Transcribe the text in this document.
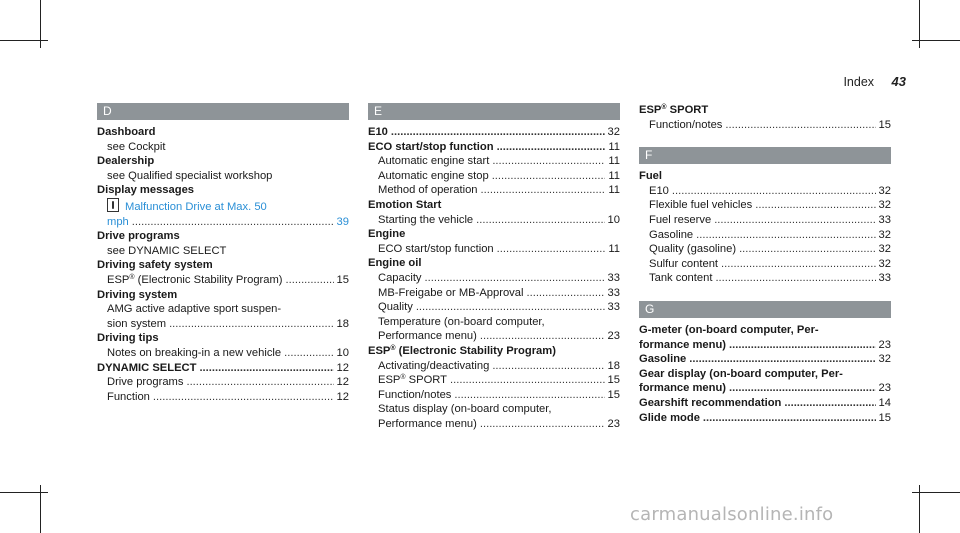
Index 43
D
Dashboard
see Cockpit
Dealership
see Qualified specialist workshop
Display messages
Malfunction Drive at Max. 50
mph .....	39
Drive programs
see DYNAMIC SELECT
Driving safety system
ESP® (Electronic Stability Program) .....	15
Driving system
AMG active adaptive sport suspen-
sion system .....	18
Driving tips
Notes on breaking-in a new vehicle .....	10
DYNAMIC SELECT .....	12
Drive programs .....	12
Function .....	12
E
E10 .....	32
ECO start/stop function .....	11
Automatic engine start .....	11
Automatic engine stop .....	11
Method of operation .....	11
Emotion Start
Starting the vehicle .....	10
Engine
ECO start/stop function .....	11
Engine oil
Capacity .....	33
MB-Freigabe or MB-Approval .....	33
Quality .....	33
Temperature (on-board computer,
Performance menu) .....	23
ESP® (Electronic Stability Program)
Activating/deactivating .....	18
ESP® SPORT .....	15
Function/notes .....	15
Status display (on-board computer,
Performance menu) .....	23
ESP® SPORT
Function/notes .....	15
F
Fuel
E10 .....	32
Flexible fuel vehicles .....	32
Fuel reserve .....	33
Gasoline .....	32
Quality (gasoline) .....	32
Sulfur content .....	32
Tank content .....	33
G
G-meter (on-board computer, Per-
formance menu) .....	23
Gasoline .....	32
Gear display (on-board computer, Per-
formance menu) .....	23
Gearshift recommendation .....	14
Glide mode .....	15
carmanualsonline.info
